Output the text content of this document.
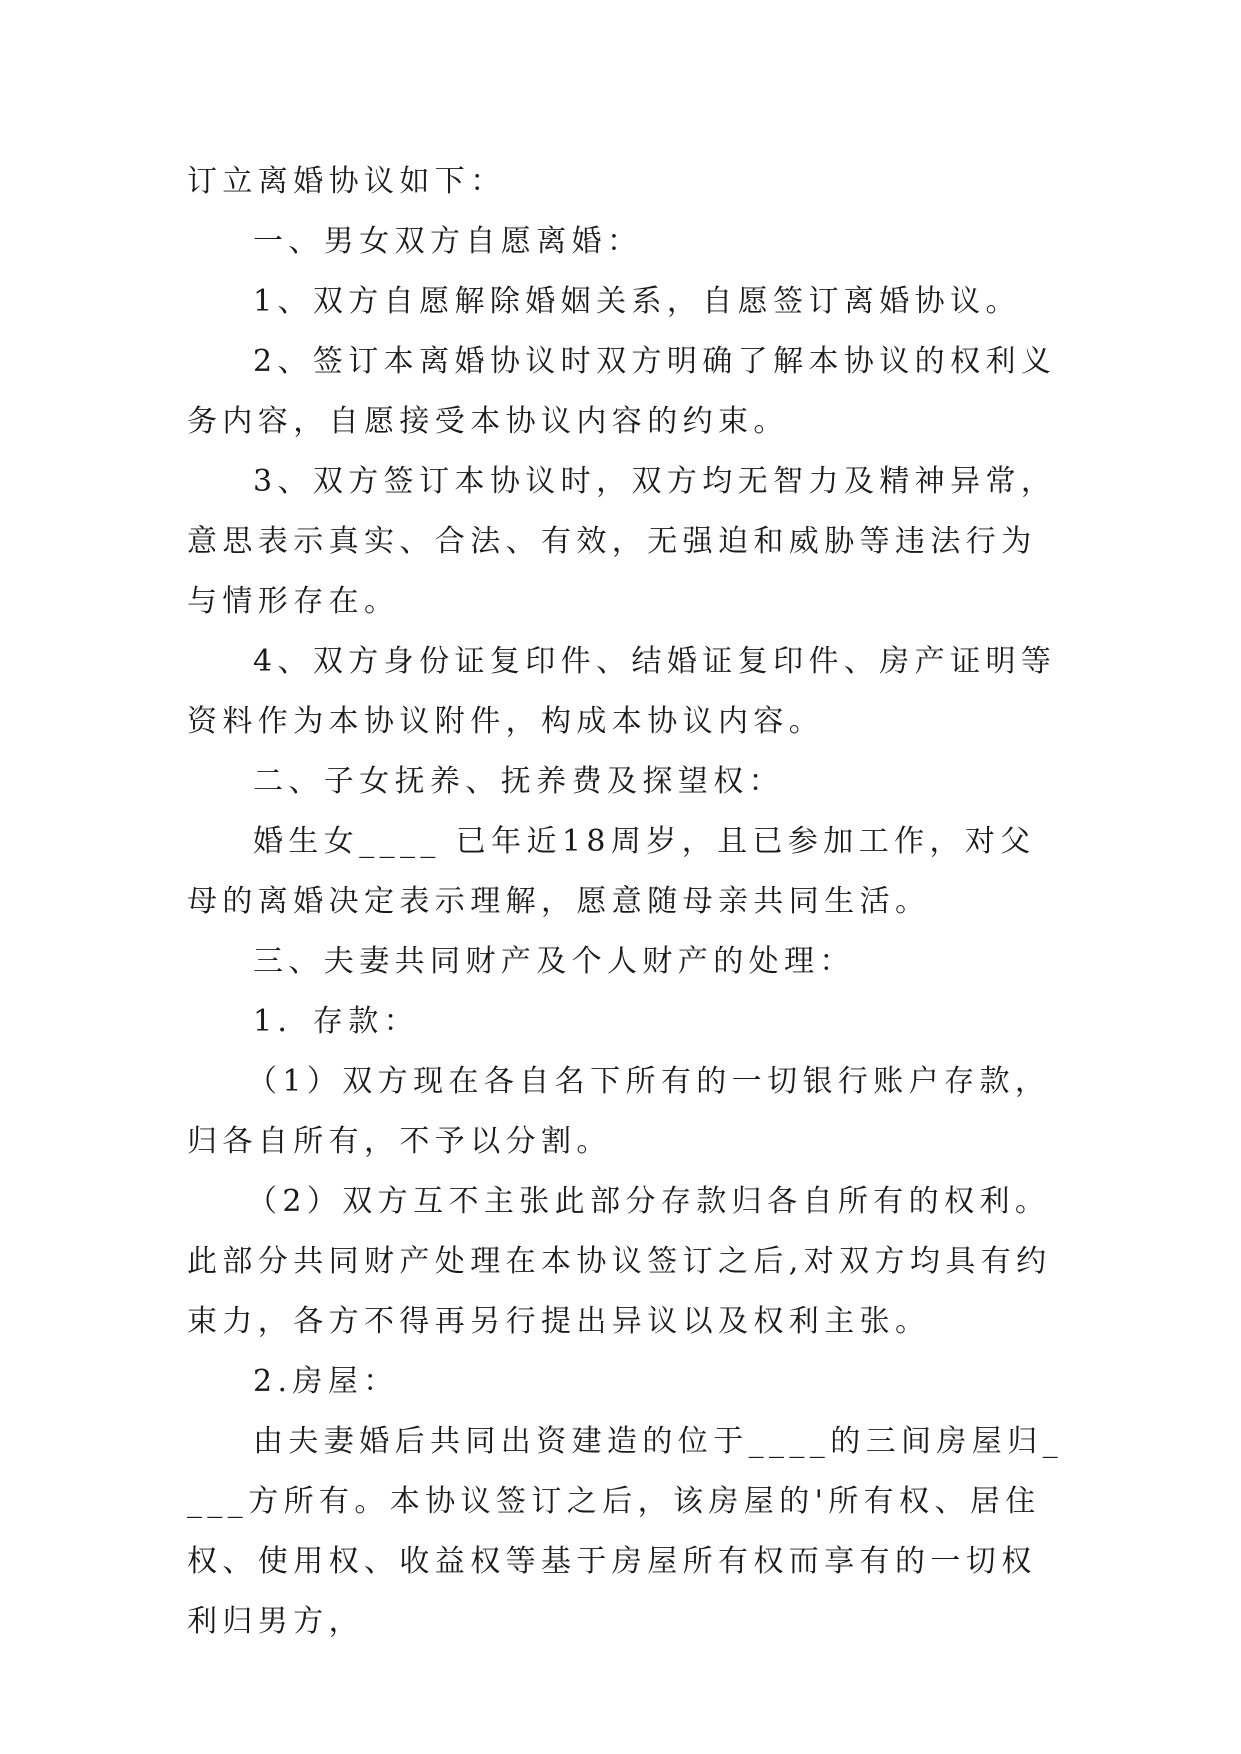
订立离婚协议如下：

一、男女双方自愿离婚：

1、双方自愿解除婚姻关系，自愿签订离婚协议。

2、签订本离婚协议时双方明确了解本协议的权利义务内容，自愿接受本协议内容的约束。

3、双方签订本协议时，双方均无智力及精神异常，意思表示真实、合法、有效，无强迫和威胁等违法行为与情形存在。

4、双方身份证复印件、结婚证复印件、房产证明等资料作为本协议附件，构成本协议内容。

二、子女抚养、抚养费及探望权：

婚生女____ 已年近18周岁，且已参加工作，对父母的离婚决定表示理解，愿意随母亲共同生活。

三、夫妻共同财产及个人财产的处理：

1．存款：

（1）双方现在各自名下所有的一切银行账户存款，归各自所有，不予以分割。

（2）双方互不主张此部分存款归各自所有的权利。此部分共同财产处理在本协议签订之后,对双方均具有约束力，各方不得再另行提出异议以及权利主张。

2.房屋：

由夫妻婚后共同出资建造的位于____的三间房屋归____方所有。本协议签订之后，该房屋的'所有权、居住权、使用权、收益权等基于房屋所有权而享有的一切权利归男方，
